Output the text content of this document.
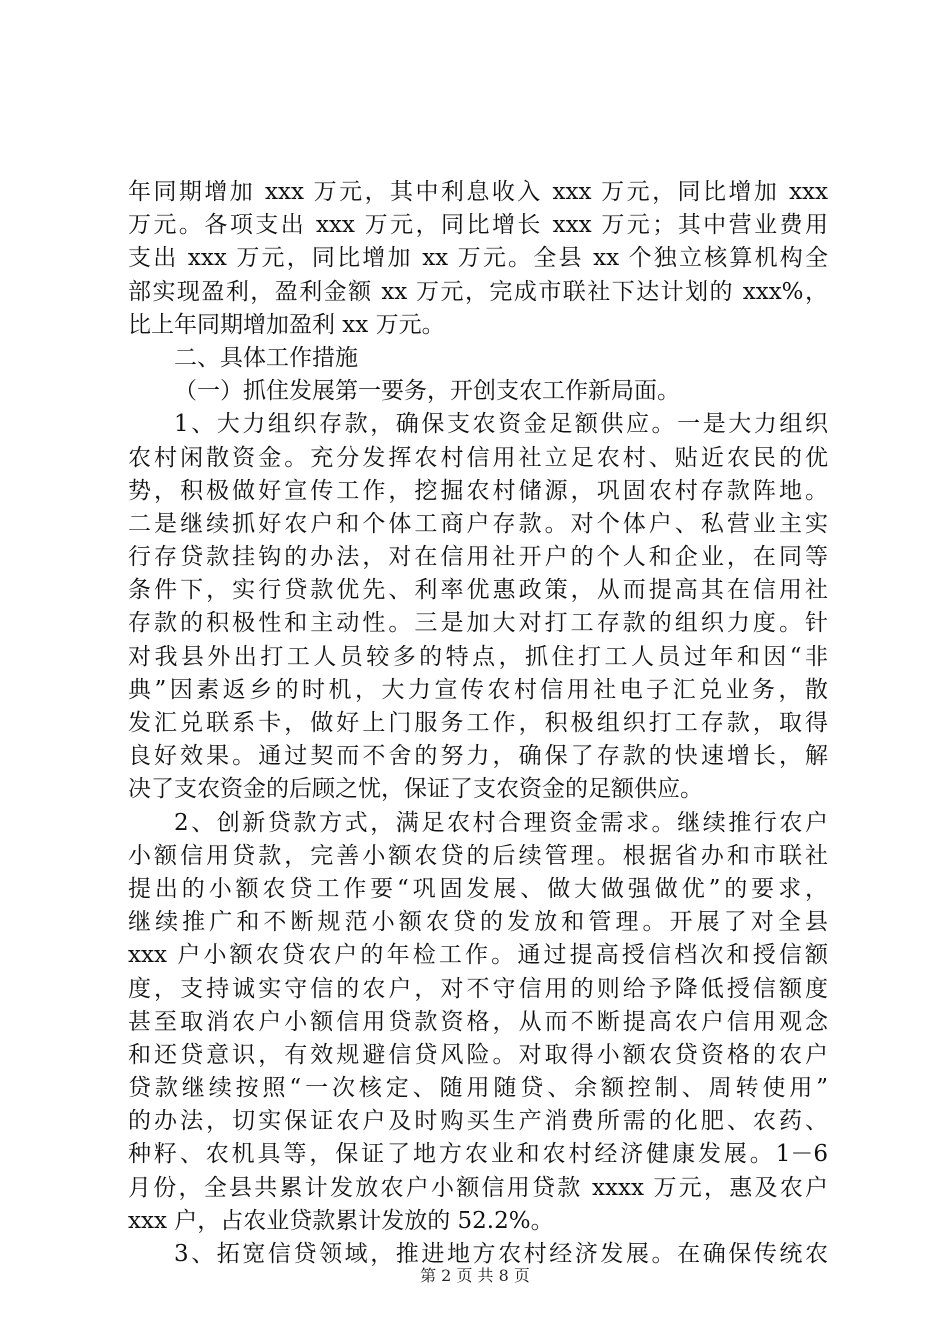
年同期增加 xxx 万元，其中利息收入 xxx 万元，同比增加 xxx
万元。各项支出 xxx 万元，同比增长 xxx 万元；其中营业费用
支出 xxx 万元，同比增加 xx 万元。全县 xx 个独立核算机构全
部实现盈利，盈利金额 xx 万元，完成市联社下达计划的 xxx%，
比上年同期增加盈利 xx 万元。
二、具体工作措施
（一）抓住发展第一要务，开创支农工作新局面。
1、大力组织存款，确保支农资金足额供应。一是大力组织
农村闲散资金。充分发挥农村信用社立足农村、贴近农民的优
势，积极做好宣传工作，挖掘农村储源，巩固农村存款阵地。
二是继续抓好农户和个体工商户存款。对个体户、私营业主实
行存贷款挂钩的办法，对在信用社开户的个人和企业，在同等
条件下，实行贷款优先、利率优惠政策，从而提高其在信用社
存款的积极性和主动性。三是加大对打工存款的组织力度。针
对我县外出打工人员较多的特点，抓住打工人员过年和因“非
典”因素返乡的时机，大力宣传农村信用社电子汇兑业务，散
发汇兑联系卡，做好上门服务工作，积极组织打工存款，取得
良好效果。通过契而不舍的努力，确保了存款的快速增长，解
决了支农资金的后顾之忧，保证了支农资金的足额供应。
2、创新贷款方式，满足农村合理资金需求。继续推行农户
小额信用贷款，完善小额农贷的后续管理。根据省办和市联社
提出的小额农贷工作要“巩固发展、做大做强做优”的要求，
继续推广和不断规范小额农贷的发放和管理。开展了对全县
xxx 户小额农贷农户的年检工作。通过提高授信档次和授信额
度，支持诚实守信的农户，对不守信用的则给予降低授信额度
甚至取消农户小额信用贷款资格，从而不断提高农户信用观念
和还贷意识，有效规避信贷风险。对取得小额农贷资格的农户
贷款继续按照“一次核定、随用随贷、余额控制、周转使用”
的办法，切实保证农户及时购买生产消费所需的化肥、农药、
种籽、农机具等，保证了地方农业和农村经济健康发展。1－6
月份，全县共累计发放农户小额信用贷款 xxxx 万元，惠及农户
xxx 户，占农业贷款累计发放的 52.2%。
3、拓宽信贷领域，推进地方农村经济发展。在确保传统农
第 2 页 共 8 页
